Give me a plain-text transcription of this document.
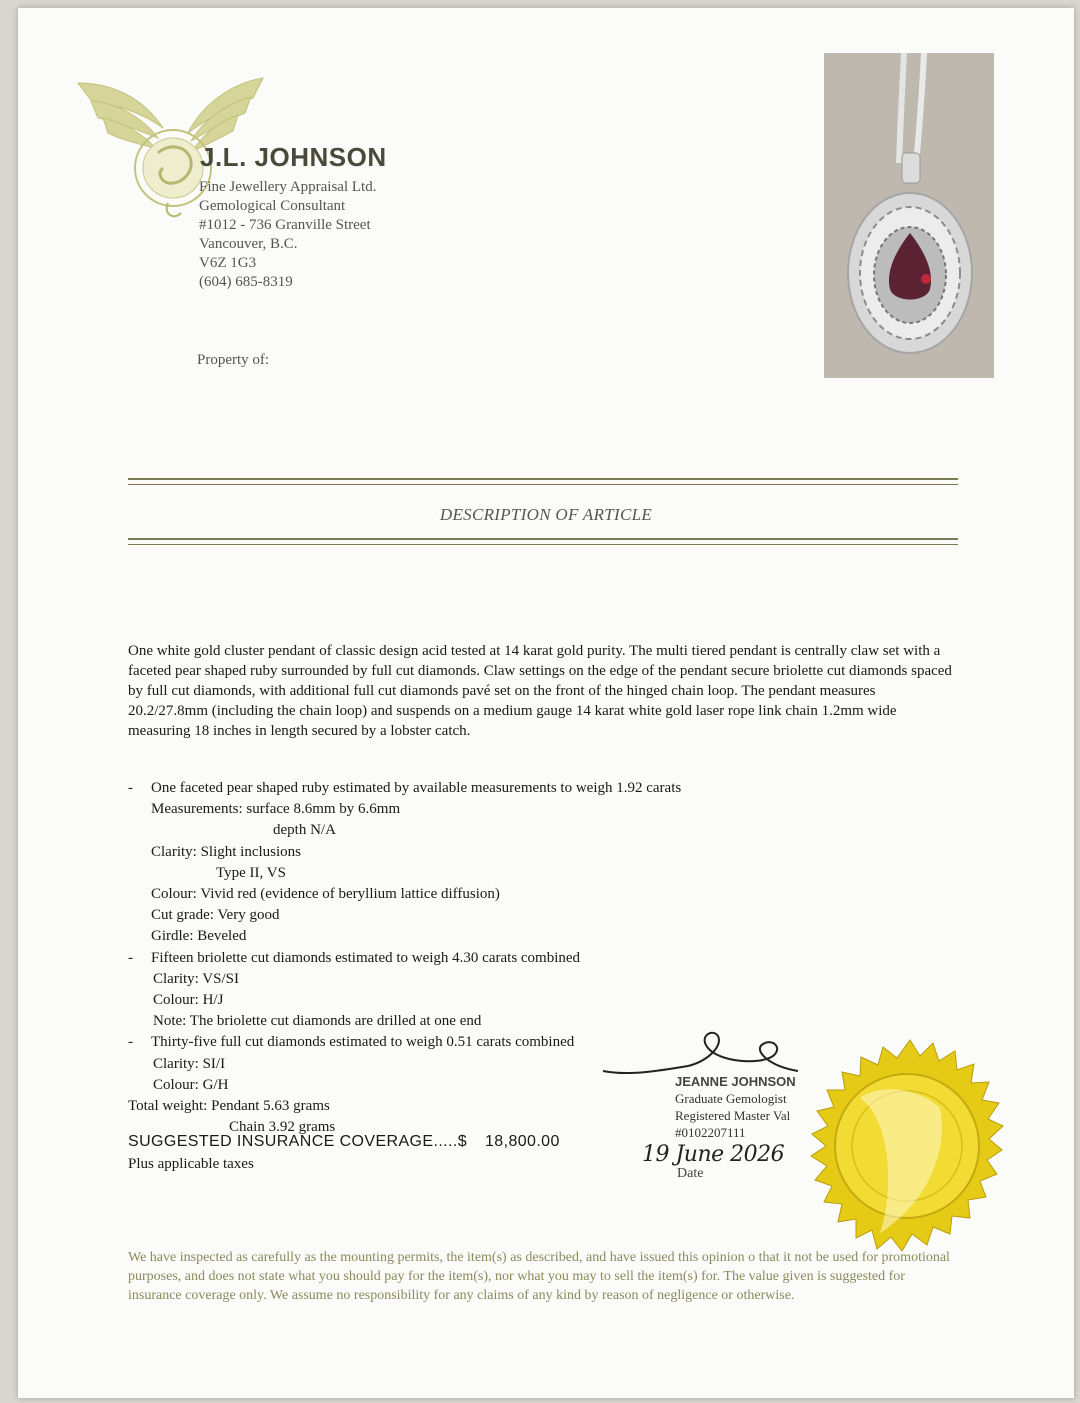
J.L. JOHNSON
Fine Jewellery Appraisal Ltd.
Gemological Consultant
#1012 - 736 Granville Street
Vancouver, B.C.
V6Z 1G3
(604) 685-8319
Property of:
DESCRIPTION OF ARTICLE
One white gold cluster pendant of classic design acid tested at 14 karat gold purity. The multi tiered pendant is centrally claw set with a faceted pear shaped ruby surrounded by full cut diamonds. Claw settings on the edge of the pendant secure briolette cut diamonds spaced by full cut diamonds, with additional full cut diamonds pavé set on the front of the hinged chain loop. The pendant measures 20.2/27.8mm (including the chain loop) and suspends on a medium gauge 14 karat white gold laser rope link chain 1.2mm wide measuring 18 inches in length secured by a lobster catch.
- One faceted pear shaped ruby estimated by available measurements to weigh 1.92 carats
Measurements: surface 8.6mm by 6.6mm
depth N/A
Clarity: Slight inclusions
Type II, VS
Colour: Vivid red (evidence of beryllium lattice diffusion)
Cut grade: Very good
Girdle: Beveled
- Fifteen briolette cut diamonds estimated to weigh 4.30 carats combined
Clarity: VS/SI
Colour: H/J
Note: The briolette cut diamonds are drilled at one end
- Thirty-five full cut diamonds estimated to weigh 0.51 carats combined
Clarity: SI/I
Colour: G/H
Total weight: Pendant 5.63 grams
Chain 3.92 grams
SUGGESTED INSURANCE COVERAGE.....$ 18,800.00
Plus applicable taxes
JEANNE JOHNSON
Graduate Gemologist
Registered Master Val
#0102207111
19 June 2026
Date
We have inspected as carefully as the mounting permits, the item(s) as described, and have issued this opinion o that it not be used for promotional purposes, and does not state what you should pay for the item(s), nor what you may to sell the item(s) for. The value given is suggested for insurance coverage only. We assume no responsibility for any claims of any kind by reason of negligence or otherwise.
